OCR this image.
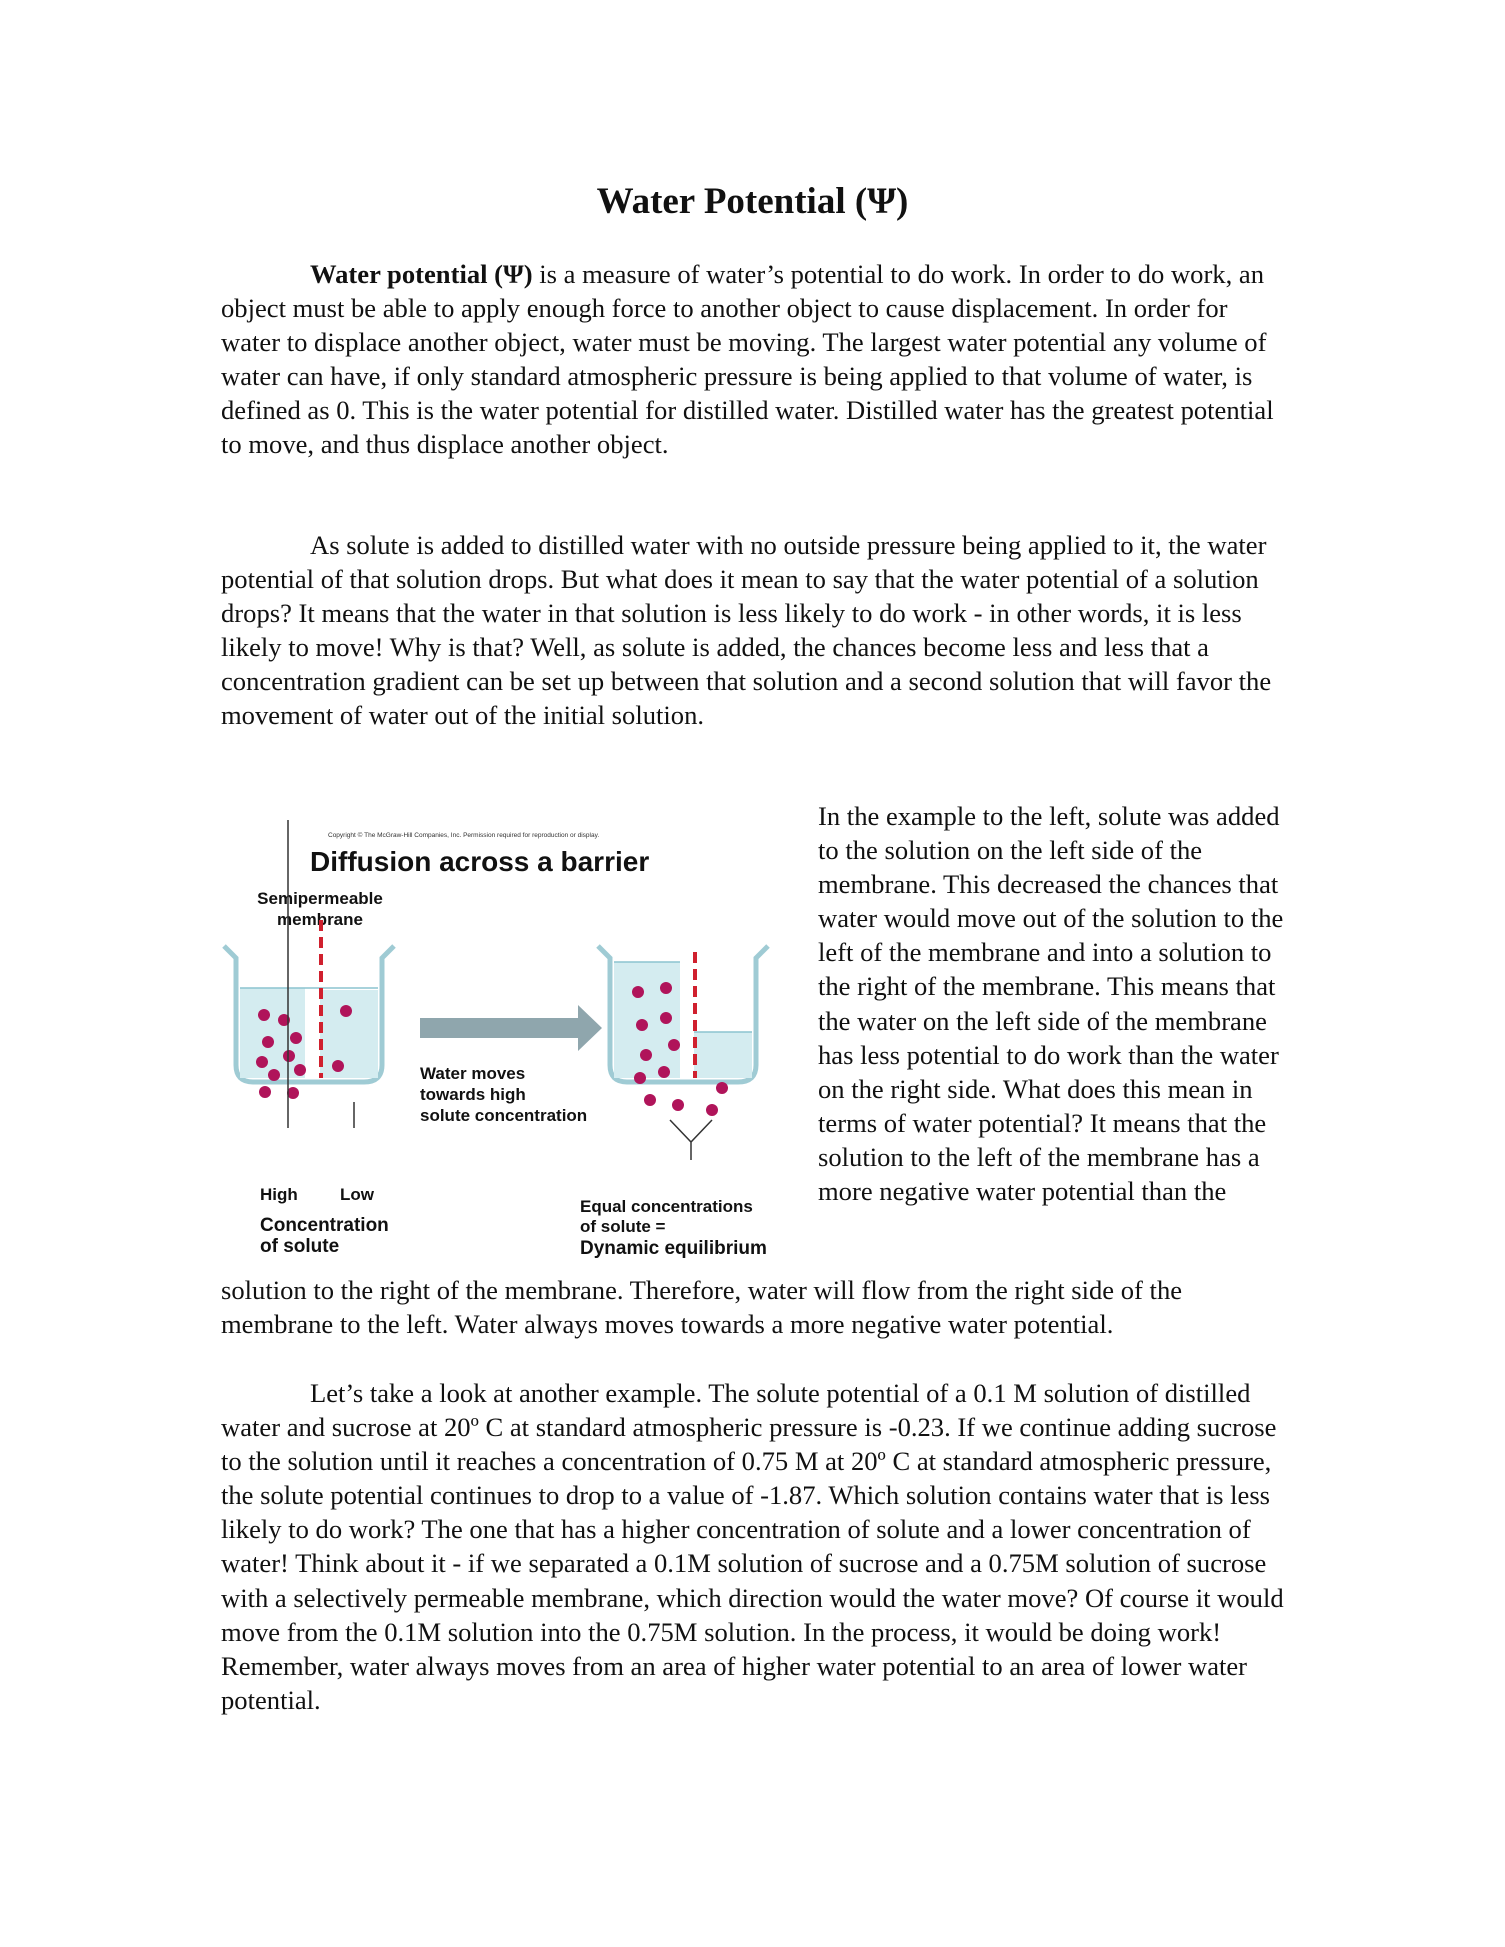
Water Potential (Ψ)

Water potential (Ψ) is a measure of water’s potential to do work. In order to do work, an object must be able to apply enough force to another object to cause displacement. In order for water to displace another object, water must be moving. The largest water potential any volume of water can have, if only standard atmospheric pressure is being applied to that volume of water, is defined as 0. This is the water potential for distilled water. Distilled water has the greatest potential to move, and thus displace another object.

As solute is added to distilled water with no outside pressure being applied to it, the water potential of that solution drops. But what does it mean to say that the water potential of a solution drops? It means that the water in that solution is less likely to do work - in other words, it is less likely to move! Why is that? Well, as solute is added, the chances become less and less that a concentration gradient can be set up between that solution and a second solution that will favor the movement of water out of the initial solution.

Copyright © The McGraw-Hill Companies, Inc. Permission required for reproduction or display.
Diffusion across a barrier
Semipermeable
membrane
High Low
Concentration
of solute
Water moves
towards high
solute concentration
Equal concentrations
of solute =
Dynamic equilibrium

In the example to the left, solute was added to the solution on the left side of the membrane. This decreased the chances that water would move out of the solution to the left of the membrane and into a solution to the right of the membrane. This means that the water on the left side of the membrane has less potential to do work than the water on the right side. What does this mean in terms of water potential? It means that the solution to the left of the membrane has a more negative water potential than the

solution to the right of the membrane. Therefore, water will flow from the right side of the membrane to the left. Water always moves towards a more negative water potential.

Let’s take a look at another example. The solute potential of a 0.1 M solution of distilled water and sucrose at 20º C at standard atmospheric pressure is -0.23. If we continue adding sucrose to the solution until it reaches a concentration of 0.75 M at 20º C at standard atmospheric pressure, the solute potential continues to drop to a value of -1.87. Which solution contains water that is less likely to do work? The one that has a higher concentration of solute and a lower concentration of water! Think about it - if we separated a 0.1M solution of sucrose and a 0.75M solution of sucrose with a selectively permeable membrane, which direction would the water move? Of course it would move from the 0.1M solution into the 0.75M solution. In the process, it would be doing work! Remember, water always moves from an area of higher water potential to an area of lower water potential.
